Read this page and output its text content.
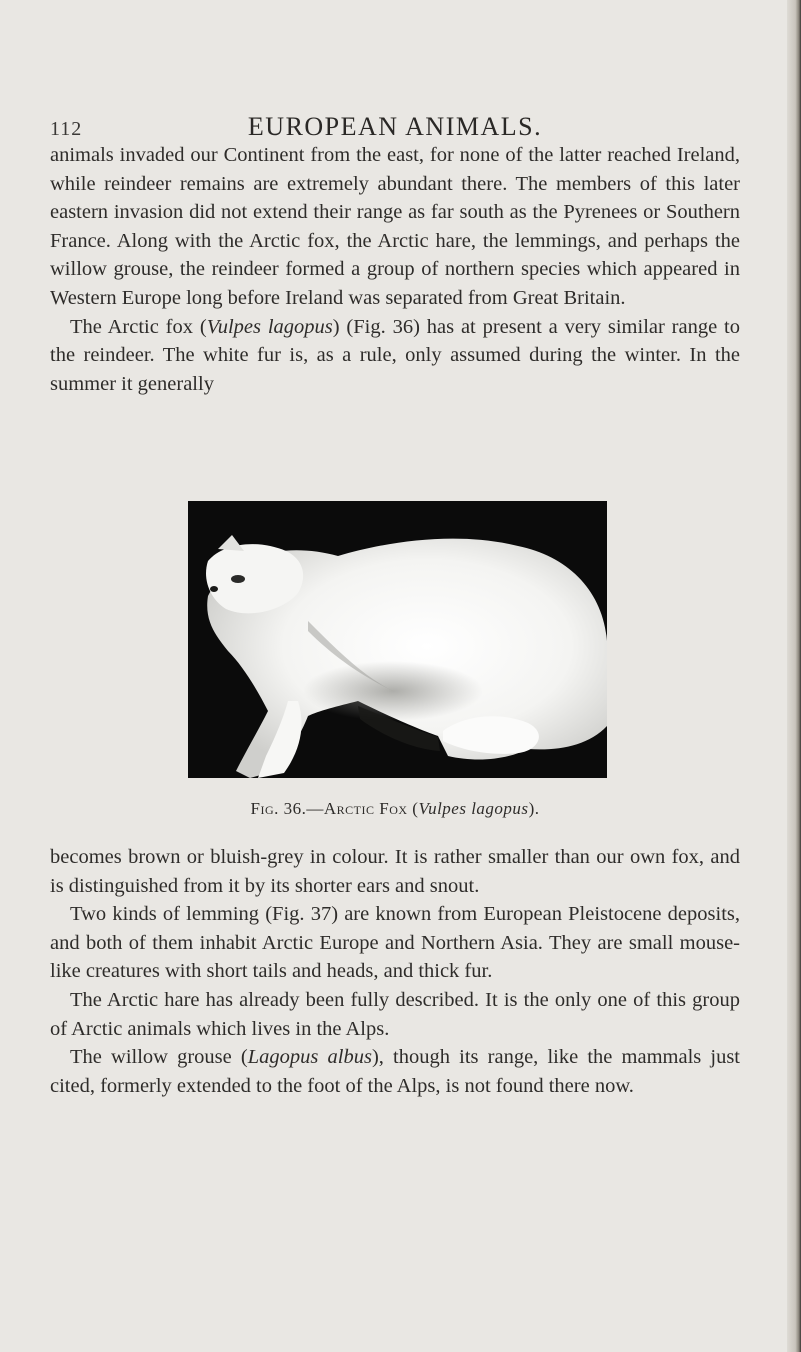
112	EUROPEAN ANIMALS.

animals invaded our Continent from the east, for none of the latter reached Ireland, while reindeer remains are extremely abundant there. The members of this later eastern invasion did not extend their range as far south as the Pyrenees or Southern France. Along with the Arctic fox, the Arctic hare, the lemmings, and perhaps the willow grouse, the reindeer formed a group of northern species which appeared in Western Europe long before Ireland was separated from Great Britain.

The Arctic fox (Vulpes lagopus) (Fig. 36) has at present a very similar range to the reindeer. The white fur is, as a rule, only assumed during the winter. In the summer it generally

Fig. 36.—Arctic Fox (Vulpes lagopus).

becomes brown or bluish-grey in colour. It is rather smaller than our own fox, and is distinguished from it by its shorter ears and snout.

Two kinds of lemming (Fig. 37) are known from European Pleistocene deposits, and both of them inhabit Arctic Europe and Northern Asia. They are small mouse-like creatures with short tails and heads, and thick fur.

The Arctic hare has already been fully described. It is the only one of this group of Arctic animals which lives in the Alps.

The willow grouse (Lagopus albus), though its range, like the mammals just cited, formerly extended to the foot of the Alps, is not found there now.
